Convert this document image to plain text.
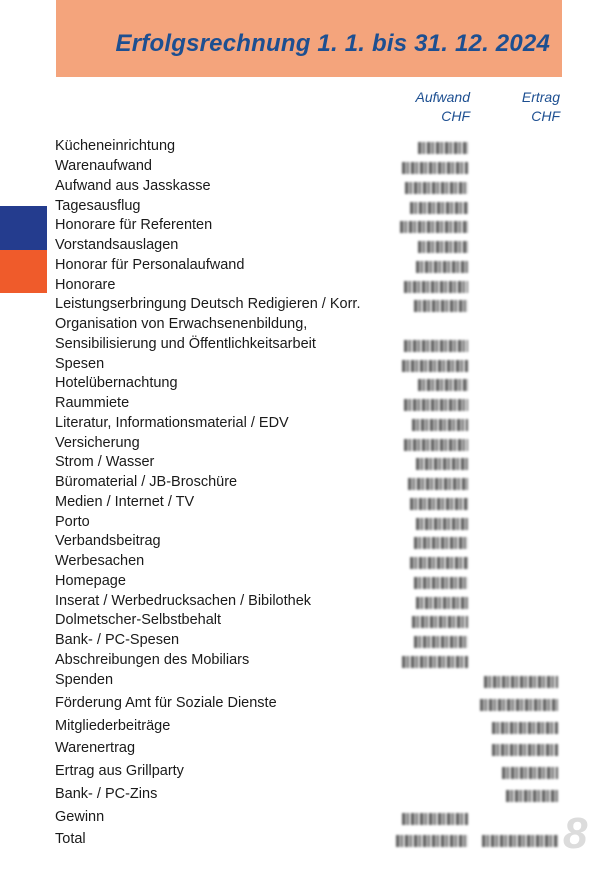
Erfolgsrechnung 1. 1. bis 31. 12. 2024
Aufwand
CHF
Ertrag
CHF
Kücheneinrichtung
Warenaufwand
Aufwand aus Jasskasse
Tagesausflug
Honorare für Referenten
Vorstandsauslagen
Honorar für Personalaufwand
Honorare
Leistungserbringung Deutsch Redigieren / Korr.
Organisation von Erwachsenenbildung,
Sensibilisierung und Öffentlichkeitsarbeit
Spesen
Hotelübernachtung
Raummiete
Literatur, Informationsmaterial / EDV
Versicherung
Strom / Wasser
Büromaterial / JB-Broschüre
Medien / Internet / TV
Porto
Verbandsbeitrag
Werbesachen
Homepage
Inserat / Werbedrucksachen / Bibilothek
Dolmetscher-Selbstbehalt
Bank- / PC-Spesen
Abschreibungen des Mobiliars
Spenden
Förderung Amt für Soziale Dienste
Mitgliederbeiträge
Warenertrag
Ertrag aus Grillparty
Bank- / PC-Zins
Gewinn
Total	8
